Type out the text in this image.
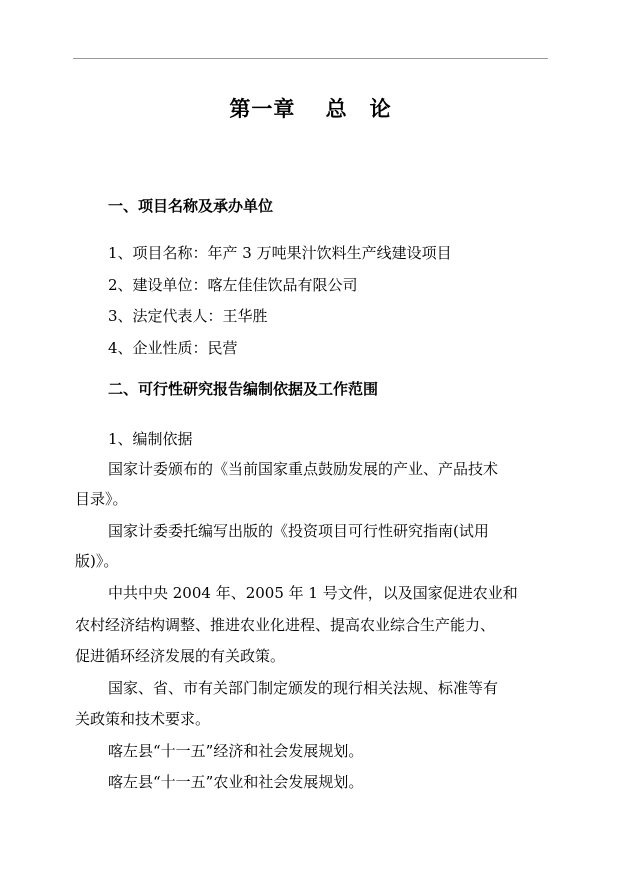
第一章　 总　论
一、项目名称及承办单位
1、项目名称：年产 3 万吨果汁饮料生产线建设项目
2、建设单位：喀左佳佳饮品有限公司
3、法定代表人：王华胜
4、企业性质：民营
二、可行性研究报告编制依据及工作范围
1、编制依据
国家计委颁布的《当前国家重点鼓励发展的产业、产品技术
目录》。
国家计委委托编写出版的《投资项目可行性研究指南(试用
版)》。
中共中央 2004 年、2005 年 1 号文件，以及国家促进农业和
农村经济结构调整、推进农业化进程、提高农业综合生产能力、
促进循环经济发展的有关政策。
国家、省、市有关部门制定颁发的现行相关法规、标准等有
关政策和技术要求。
喀左县“十一五”经济和社会发展规划。
喀左县“十一五”农业和社会发展规划。
